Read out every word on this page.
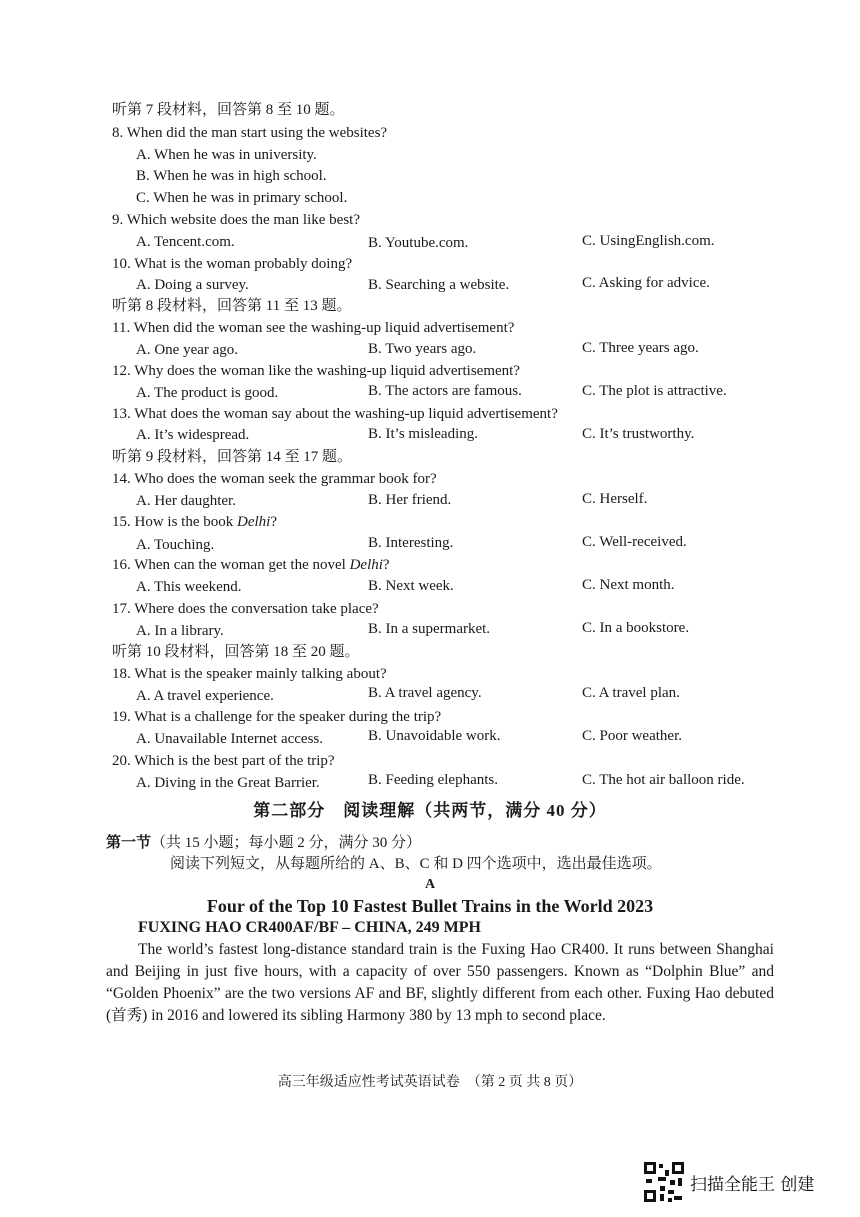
听第 7 段材料，回答第 8 至 10 题。
8. When did the man start using the websites?
A. When he was in university.
B. When he was in high school.
C. When he was in primary school.
9. Which website does the man like best?
A. Tencent.com.	B. Youtube.com.	C. UsingEnglish.com.
10. What is the woman probably doing?
A. Doing a survey.	B. Searching a website.	C. Asking for advice.
听第 8 段材料，回答第 11 至 13 题。
11. When did the woman see the washing-up liquid advertisement?
A. One year ago.	B. Two years ago.	C. Three years ago.
12. Why does the woman like the washing-up liquid advertisement?
A. The product is good.	B. The actors are famous.	C. The plot is attractive.
13. What does the woman say about the washing-up liquid advertisement?
A. It’s widespread.	B. It’s misleading.	C. It’s trustworthy.
听第 9 段材料，回答第 14 至 17 题。
14. Who does the woman seek the grammar book for?
A. Her daughter.	B. Her friend.	C. Herself.
15. How is the book Delhi?
A. Touching.	B. Interesting.	C. Well-received.
16. When can the woman get the novel Delhi?
A. This weekend.	B. Next week.	C. Next month.
17. Where does the conversation take place?
A. In a library.	B. In a supermarket.	C. In a bookstore.
听第 10 段材料，回答第 18 至 20 题。
18. What is the speaker mainly talking about?
A. A travel experience.	B. A travel agency.	C. A travel plan.
19. What is a challenge for the speaker during the trip?
A. Unavailable Internet access.	B. Unavoidable work.	C. Poor weather.
20. Which is the best part of the trip?
A. Diving in the Great Barrier.	B. Feeding elephants.	C. The hot air balloon ride.
第二部分　阅读理解（共两节，满分 40 分）
第一节（共 15 小题；每小题 2 分，满分 30 分）
阅读下列短文，从每题所给的 A、B、C 和 D 四个选项中，选出最佳选项。
A
Four of the Top 10 Fastest Bullet Trains in the World 2023
FUXING HAO CR400AF/BF – CHINA, 249 MPH
The world’s fastest long-distance standard train is the Fuxing Hao CR400. It runs between Shanghai and Beijing in just five hours, with a capacity of over 550 passengers. Known as “Dolphin Blue” and “Golden Phoenix” are the two versions AF and BF, slightly different from each other. Fuxing Hao debuted (首秀) in 2016 and lowered its sibling Harmony 380 by 13 mph to second place.
高三年级适应性考试英语试卷　（第 2 页 共 8 页）
扫描全能王 创建
